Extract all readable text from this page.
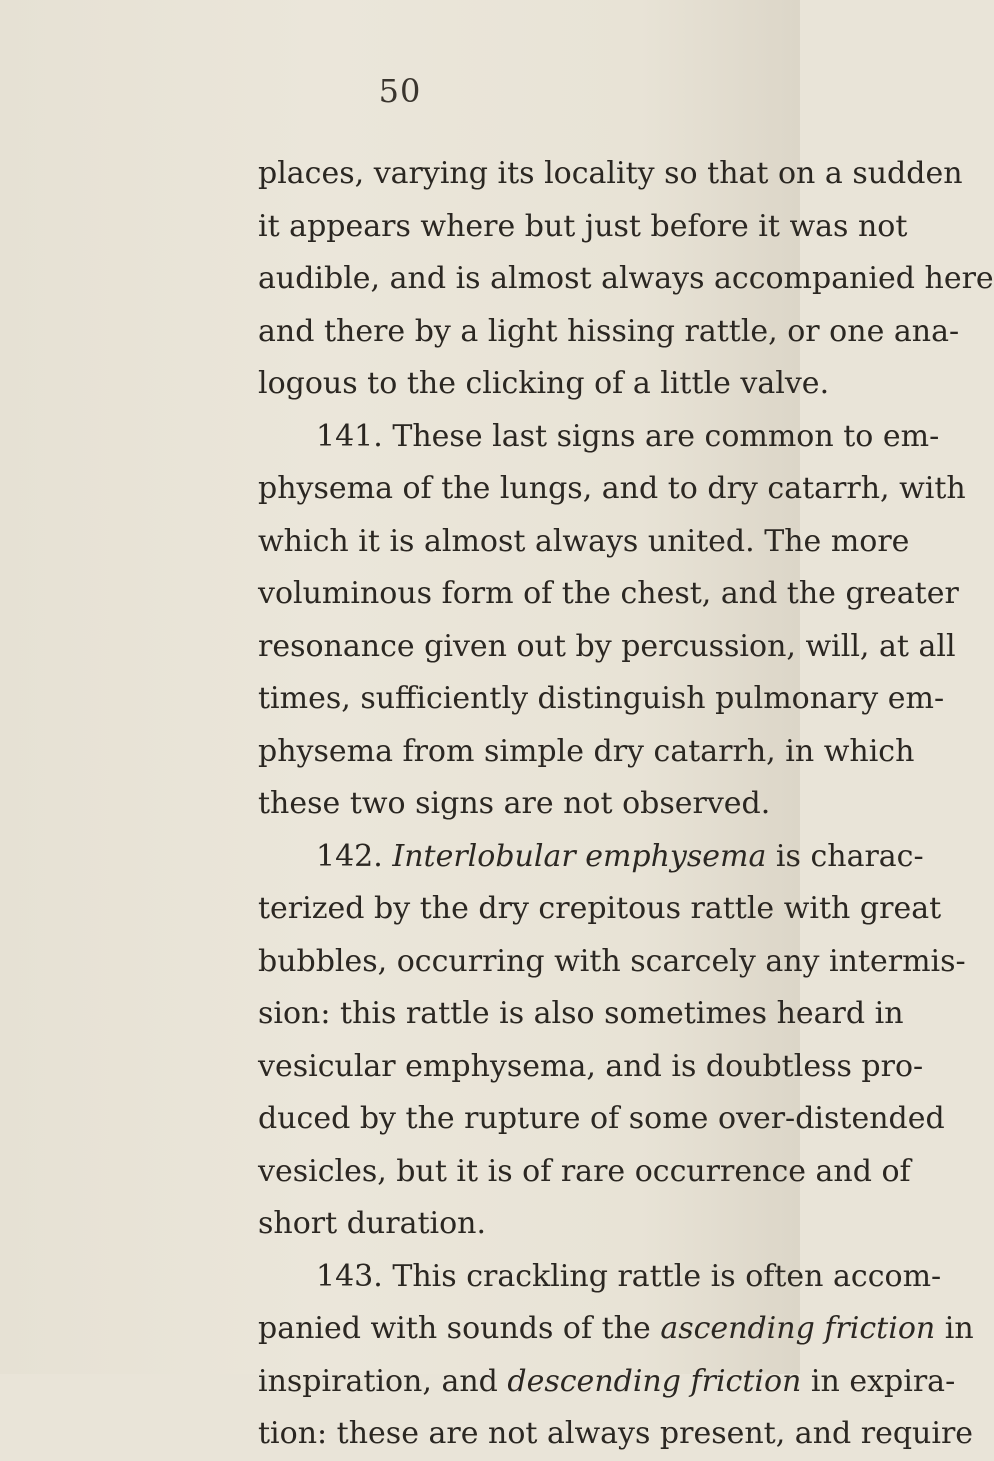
50
places, varying its locality so that on a sudden
it appears where but just before it was not
audible, and is almost always accompanied here
and there by a light hissing rattle, or one ana-
logous to the clicking of a little valve.
141. These last signs are common to em-
physema of the lungs, and to dry catarrh, with
which it is almost always united. The more
voluminous form of the chest, and the greater
resonance given out by percussion, will, at all
times, sufficiently distinguish pulmonary em-
physema from simple dry catarrh, in which
these two signs are not observed.
142. Interlobular emphysema is charac-
terized by the dry crepitous rattle with great
bubbles, occurring with scarcely any intermis-
sion: this rattle is also sometimes heard in
vesicular emphysema, and is doubtless pro-
duced by the rupture of some over-distended
vesicles, but it is of rare occurrence and of
short duration.
143. This crackling rattle is often accom-
panied with sounds of the ascending friction in
inspiration, and descending friction in expira-
tion: these are not always present, and require
